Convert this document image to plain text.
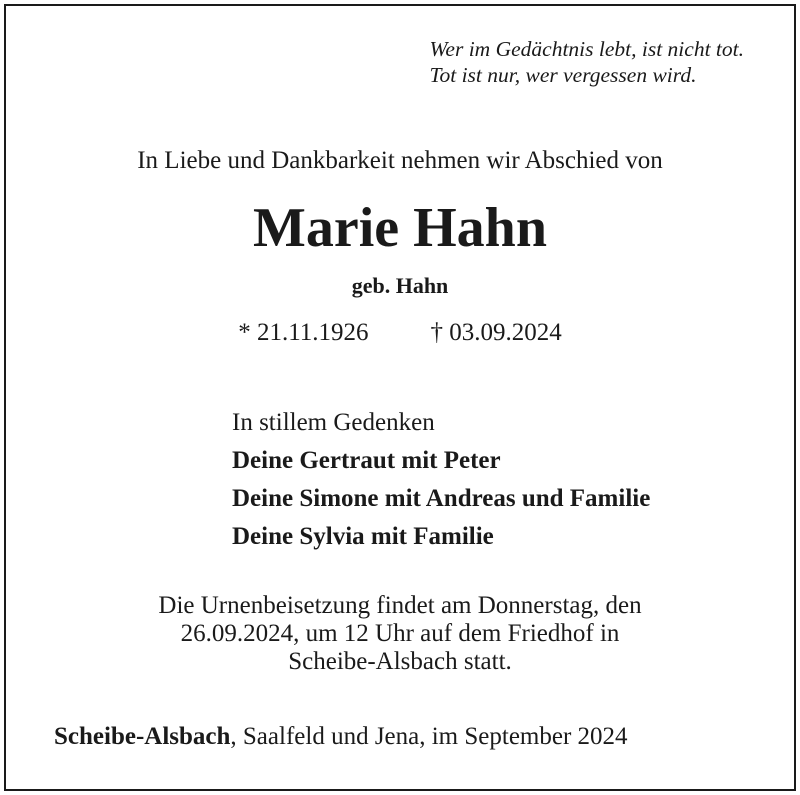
Wer im Gedächtnis lebt, ist nicht tot.
Tot ist nur, wer vergessen wird.

In Liebe und Dankbarkeit nehmen wir Abschied von

Marie Hahn

geb. Hahn

* 21.11.1926 † 03.09.2024

In stillem Gedenken
Deine Gertraut mit Peter
Deine Simone mit Andreas und Familie
Deine Sylvia mit Familie

Die Urnenbeisetzung findet am Donnerstag, den
26.09.2024, um 12 Uhr auf dem Friedhof in
Scheibe-Alsbach statt.

Scheibe-Alsbach, Saalfeld und Jena, im September 2024
